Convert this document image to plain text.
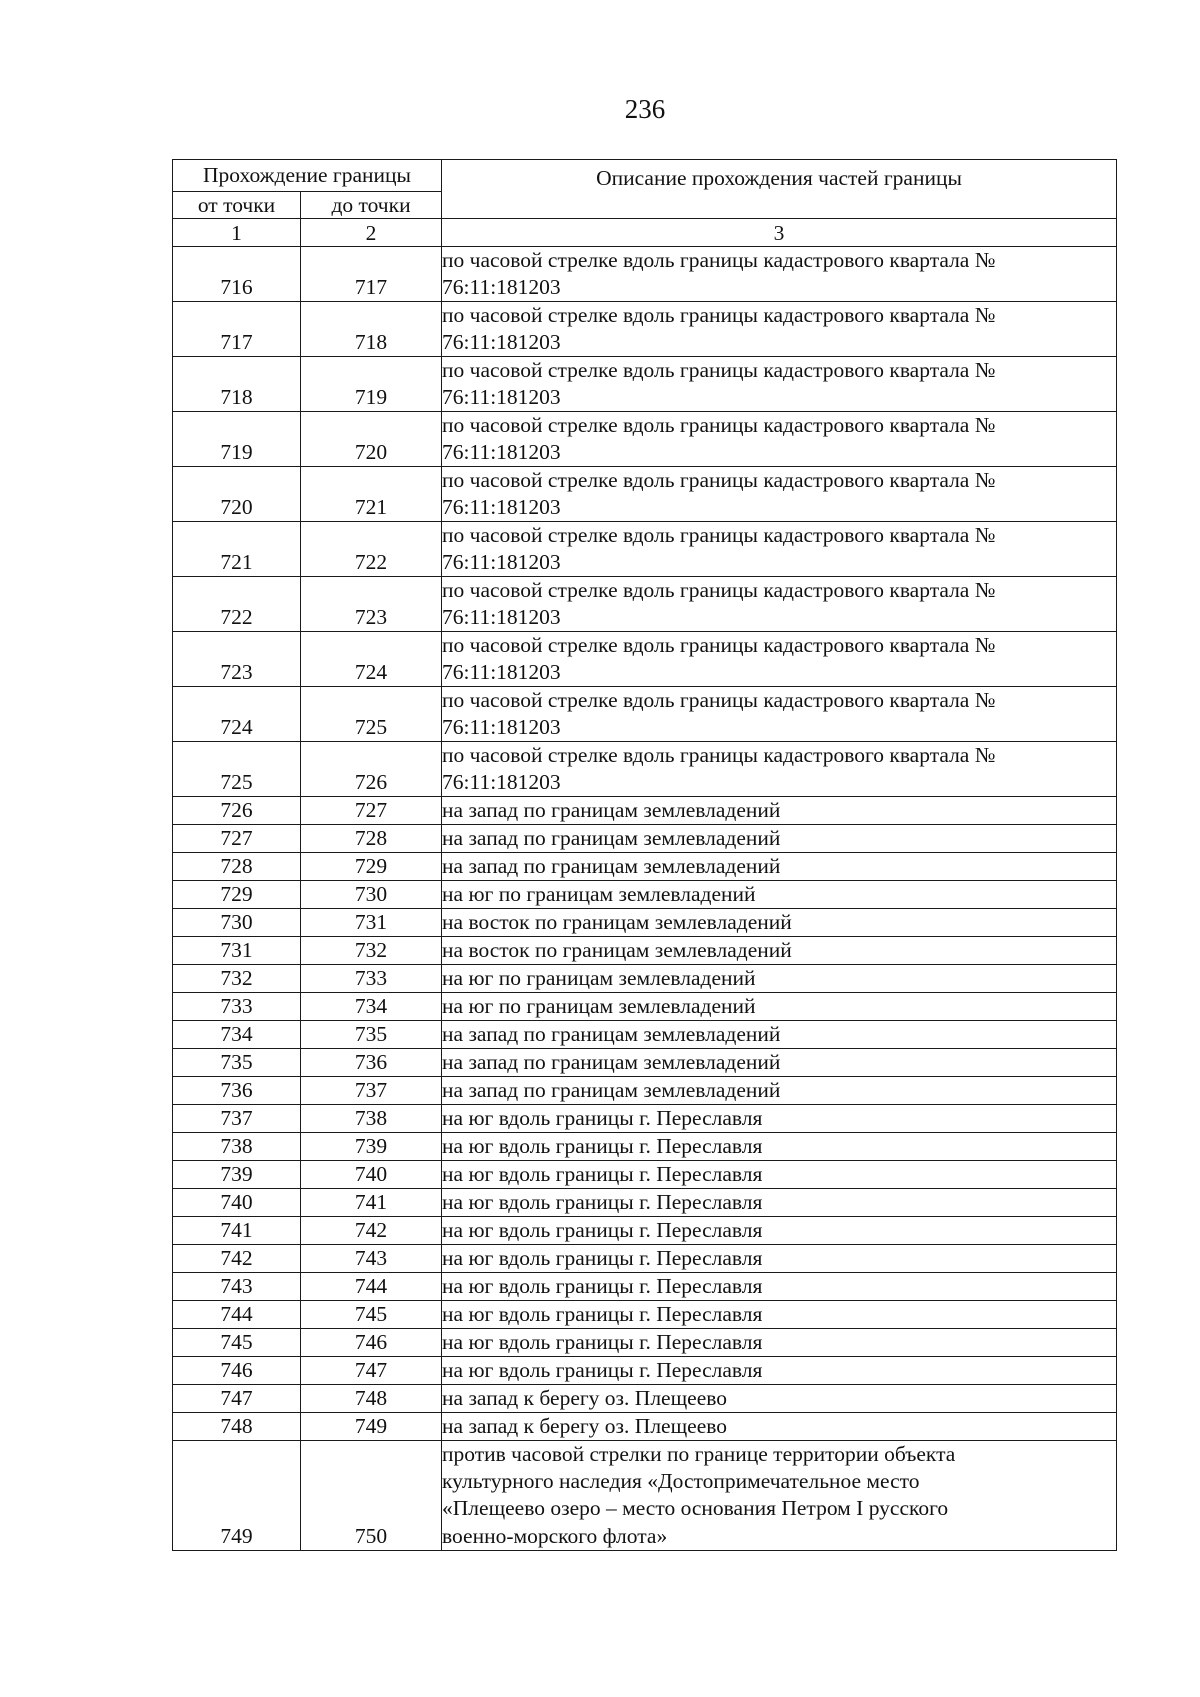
236
Прохождение границы		Описание прохождения частей границы
от точки	до точки	
1	2	3
716	717	по часовой стрелке вдоль границы кадастрового квартала №
76:11:181203

717	718	по часовой стрелке вдоль границы кадастрового квартала №
76:11:181203

718	719	по часовой стрелке вдоль границы кадастрового квартала №
76:11:181203

719	720	по часовой стрелке вдоль границы кадастрового квартала №
76:11:181203

720	721	по часовой стрелке вдоль границы кадастрового квартала №
76:11:181203

721	722	по часовой стрелке вдоль границы кадастрового квартала №
76:11:181203

722	723	по часовой стрелке вдоль границы кадастрового квартала №
76:11:181203

723	724	по часовой стрелке вдоль границы кадастрового квартала №
76:11:181203

724	725	по часовой стрелке вдоль границы кадастрового квартала №
76:11:181203

725	726	по часовой стрелке вдоль границы кадастрового квартала №
76:11:181203

726	727	на запад по границам землевладений

727	728	на запад по границам землевладений

728	729	на запад по границам землевладений

729	730	на юг по границам землевладений

730	731	на восток по границам землевладений

731	732	на восток по границам землевладений

732	733	на юг по границам землевладений

733	734	на юг по границам землевладений

734	735	на запад по границам землевладений

735	736	на запад по границам землевладений

736	737	на запад по границам землевладений

737	738	на юг вдоль границы г. Переславля

738	739	на юг вдоль границы г. Переславля

739	740	на юг вдоль границы г. Переславля

740	741	на юг вдоль границы г. Переславля

741	742	на юг вдоль границы г. Переславля

742	743	на юг вдоль границы г. Переславля

743	744	на юг вдоль границы г. Переславля

744	745	на юг вдоль границы г. Переславля

745	746	на юг вдоль границы г. Переславля

746	747	на юг вдоль границы г. Переславля

747	748	на запад к берегу оз. Плещеево

748	749	на запад к берегу оз. Плещеево

749	750	против часовой стрелки по границе территории объекта
культурного наследия «Достопримечательное место
«Плещеево озеро – место основания Петром I русского
военно-морского флота»
